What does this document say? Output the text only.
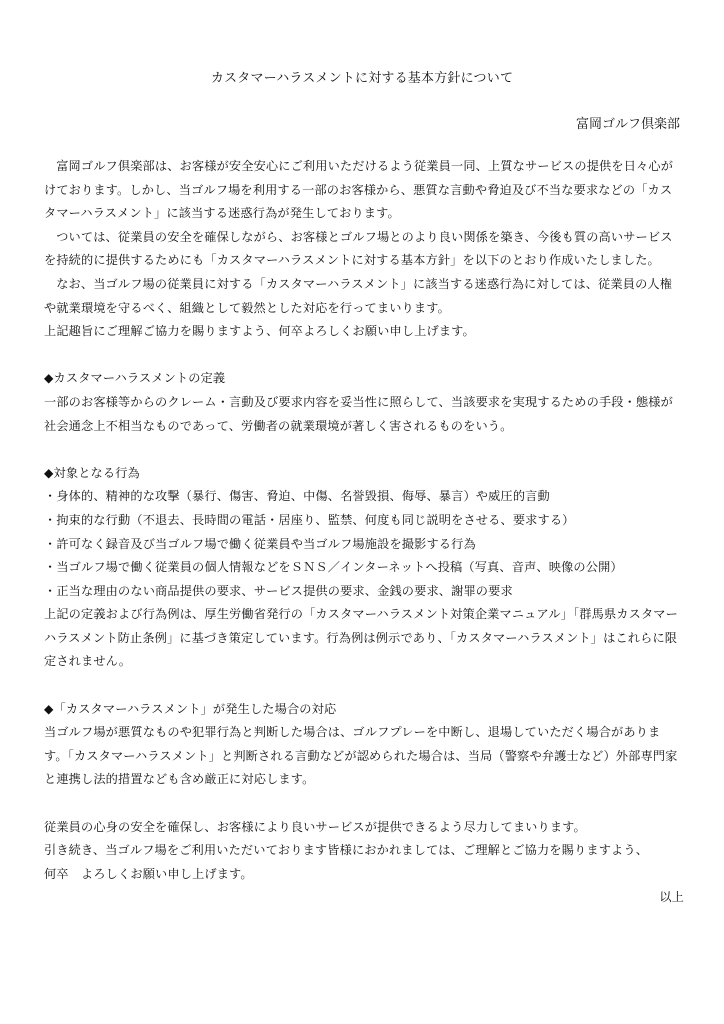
カスタマーハラスメントに対する基本方針について
富岡ゴルフ倶楽部

富岡ゴルフ倶楽部は、お客様が安全安心にご利用いただけるよう従業員一同、上質なサービスの提供を日々心がけております。しかし、当ゴルフ場を利用する一部のお客様から、悪質な言動や脅迫及び不当な要求などの「カスタマーハラスメント」に該当する迷惑行為が発生しております。

ついては、従業員の安全を確保しながら、お客様とゴルフ場とのより良い関係を築き、今後も質の高いサービスを持続的に提供するためにも「カスタマーハラスメントに対する基本方針」を以下のとおり作成いたしました。

なお、当ゴルフ場の従業員に対する「カスタマーハラスメント」に該当する迷惑行為に対しては、従業員の人権や就業環境を守るべく、組織として毅然とした対応を行ってまいります。

上記趣旨にご理解ご協力を賜りますよう、何卒よろしくお願い申し上げます。

◆カスタマーハラスメントの定義

一部のお客様等からのクレーム・言動及び要求内容を妥当性に照らして、当該要求を実現するための手段・態様が社会通念上不相当なものであって、労働者の就業環境が著しく害されるものをいう。

◆対象となる行為

・身体的、精神的な攻撃（暴行、傷害、脅迫、中傷、名誉毀損、侮辱、暴言）や威圧的言動

・拘束的な行動（不退去、長時間の電話・居座り、監禁、何度も同じ説明をさせる、要求する）

・許可なく録音及び当ゴルフ場で働く従業員や当ゴルフ場施設を撮影する行為

・当ゴルフ場で働く従業員の個人情報などをＳＮＳ／インターネットへ投稿（写真、音声、映像の公開）

・正当な理由のない商品提供の要求、サービス提供の要求、金銭の要求、謝罪の要求

上記の定義および行為例は、厚生労働省発行の「カスタマーハラスメント対策企業マニュアル」「群馬県カスタマーハラスメント防止条例」に基づき策定しています。行為例は例示であり、「カスタマーハラスメント」はこれらに限定されません。

◆「カスタマーハラスメント」が発生した場合の対応

当ゴルフ場が悪質なものや犯罪行為と判断した場合は、ゴルフプレーを中断し、退場していただく場合があります。「カスタマーハラスメント」と判断される言動などが認められた場合は、当局（警察や弁護士など）外部専門家と連携し法的措置なども含め厳正に対応します。

従業員の心身の安全を確保し、お客様により良いサービスが提供できるよう尽力してまいります。

引き続き、当ゴルフ場をご利用いただいております皆様におかれましては、ご理解とご協力を賜りますよう、

何卒　よろしくお願い申し上げます。

以上
